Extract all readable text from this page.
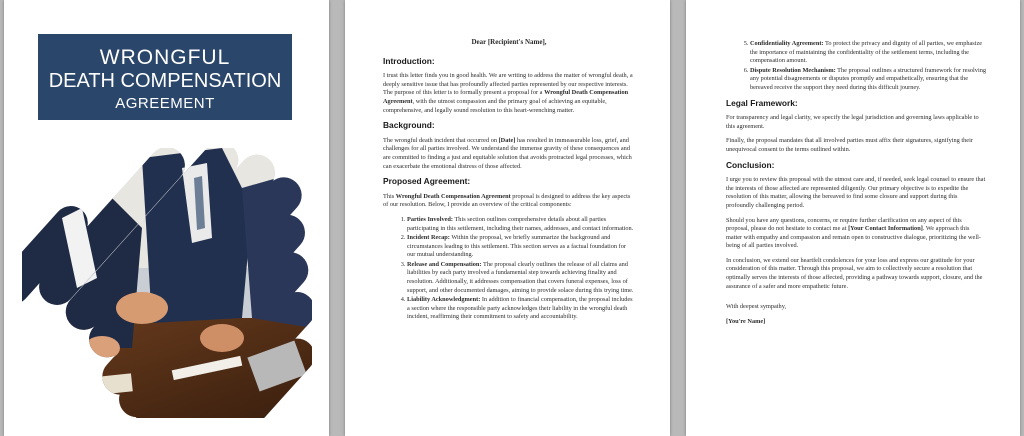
WRONGFUL
DEATH COMPENSATION
AGREEMENT
Dear [Recipient's Name],
Introduction:
I trust this letter finds you in good health. We are writing to address the matter of wrongful death, a deeply sensitive issue that has profoundly affected parties represented by our respective interests. The purpose of this letter is to formally present a proposal for a Wrongful Death Compensation Agreement, with the utmost compassion and the primary goal of achieving an equitable, comprehensive, and legally sound resolution to this heart-wrenching matter.
Background:
The wrongful death incident that occurred on [Date] has resulted in immeasurable loss, grief, and challenges for all parties involved. We understand the immense gravity of these consequences and are committed to finding a just and equitable solution that avoids protracted legal processes, which can exacerbate the emotional distress of those affected.
Proposed Agreement:
This Wrongful Death Compensation Agreement proposal is designed to address the key aspects of our resolution. Below, I provide an overview of the critical components:
1. Parties Involved: This section outlines comprehensive details about all parties participating in this settlement, including their names, addresses, and contact information.
2. Incident Recap: Within the proposal, we briefly summarize the background and circumstances leading to this settlement. This section serves as a factual foundation for our mutual understanding.
3. Release and Compensation: The proposal clearly outlines the release of all claims and liabilities by each party involved a fundamental step towards achieving finality and resolution. Additionally, it addresses compensation that covers funeral expenses, loss of support, and other documented damages, aiming to provide solace during this trying time.
4. Liability Acknowledgment: In addition to financial compensation, the proposal includes a section where the responsible party acknowledges their liability in the wrongful death incident, reaffirming their commitment to safety and accountability.
5. Confidentiality Agreement: To protect the privacy and dignity of all parties, we emphasize the importance of maintaining the confidentiality of the settlement terms, including the compensation amount.
6. Dispute Resolution Mechanism: The proposal outlines a structured framework for resolving any potential disagreements or disputes promptly and empathetically, ensuring that the bereaved receive the support they need during this difficult journey.
Legal Framework:
For transparency and legal clarity, we specify the legal jurisdiction and governing laws applicable to this agreement.
Finally, the proposal mandates that all involved parties must affix their signatures, signifying their unequivocal consent to the terms outlined within.
Conclusion:
I urge you to review this proposal with the utmost care and, if needed, seek legal counsel to ensure that the interests of those affected are represented diligently. Our primary objective is to expedite the resolution of this matter, allowing the bereaved to find some closure and support during this profoundly challenging period.
Should you have any questions, concerns, or require further clarification on any aspect of this proposal, please do not hesitate to contact me at [Your Contact Information]. We approach this matter with empathy and compassion and remain open to constructive dialogue, prioritizing the well-being of all parties involved.
In conclusion, we extend our heartfelt condolences for your loss and express our gratitude for your consideration of this matter. Through this proposal, we aim to collectively secure a resolution that optimally serves the interests of those affected, providing a pathway towards support, closure, and the assurance of a safer and more empathetic future.
With deepest sympathy,
[You're Name]
